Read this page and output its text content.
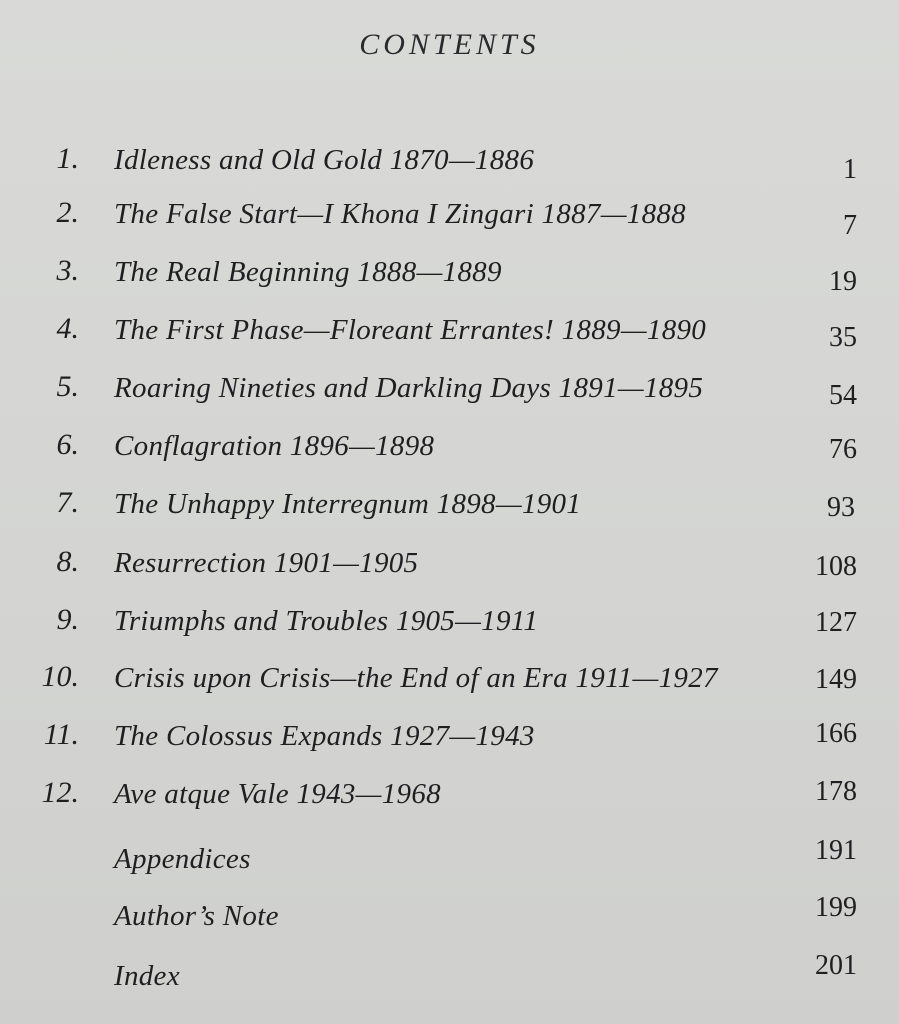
CONTENTS
1. Idleness and Old Gold 1870—1886	1
2. The False Start—I Khona I Zingari 1887—1888	7
3. The Real Beginning 1888—1889	19
4. The First Phase—Floreant Errantes! 1889—1890	35
5. Roaring Nineties and Darkling Days 1891—1895	54
6. Conflagration 1896—1898	76
7. The Unhappy Interregnum 1898—1901	93
8. Resurrection 1901—1905	108
9. Triumphs and Troubles 1905—1911	127
10. Crisis upon Crisis—the End of an Era 1911—1927	149
11. The Colossus Expands 1927—1943	166
12. Ave atque Vale 1943—1968	178
Appendices	191
Author’s Note	199
Index	201
